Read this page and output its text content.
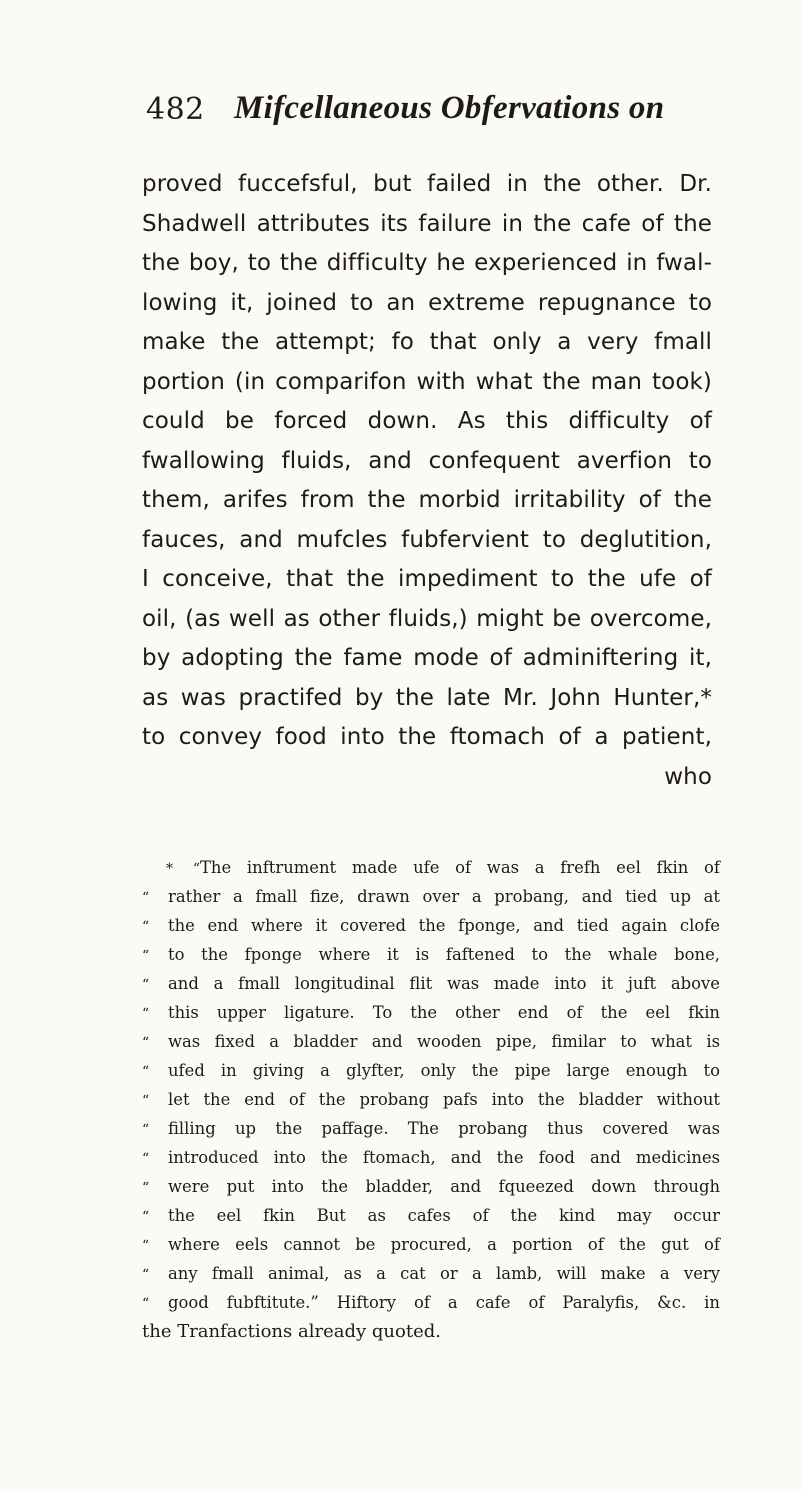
482 Mifcellaneous Obfervations on
proved fuccefsful, but failed in the other. Dr.
Shadwell attributes its failure in the cafe of the
the boy, to the difficulty he experienced in fwal-
lowing it, joined to an extreme repugnance to
make the attempt; fo that only a very fmall
portion (in comparifon with what the man took)
could be forced down. As this difficulty of
fwallowing fluids, and confequent averfion to
them, arifes from the morbid irritability of the
fauces, and mufcles fubfervient to deglutition,
I conceive, that the impediment to the ufe of
oil, (as well as other fluids,) might be overcome,
by adopting the fame mode of adminiftering it,
as was practifed by the late Mr. John Hunter,*
to convey food into the ftomach of a patient,
who
* “The inftrument made ufe of was a frefh eel fkin of
“ rather a fmall fize, drawn over a probang, and tied up at
“ the end where it covered the fponge, and tied again clofe
“ to the fponge where it is faftened to the whale bone,
“ and a fmall longitudinal flit was made into it juft above
“ this upper ligature. To the other end of the eel fkin
“ was fixed a bladder and wooden pipe, fimilar to what is
“ ufed in giving a glyfter, only the pipe large enough to
“ let the end of the probang pafs into the bladder without
“ filling up the paffage. The probang thus covered was
“ introduced into the ftomach, and the food and medicines
“ were put into the bladder, and fqueezed down through
“ the eel fkin But as cafes of the kind may occur
“ where eels cannot be procured, a portion of the gut of
“ any fmall animal, as a cat or a lamb, will make a very
“ good fubftitute.” Hiftory of a cafe of Paralyfis, &c. in
the Tranfactions already quoted.
